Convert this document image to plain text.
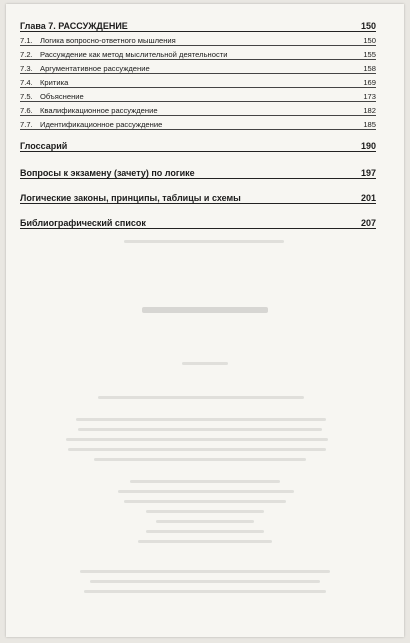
Глава 7. РАССУЖДЕНИЕ	150
7.1. Логика вопросно-ответного мышления	150
7.2. Рассуждение как метод мыслительной деятельности	155
7.3. Аргументативное рассуждение	158
7.4. Критика	169
7.5. Объяснение	173
7.6. Квалификационное рассуждение	182
7.7. Идентификационное рассуждение	185
Глоссарий	190
Вопросы к экзамену (зачету) по логике	197
Логические законы, принципы, таблицы и схемы	201
Библиографический список	207
